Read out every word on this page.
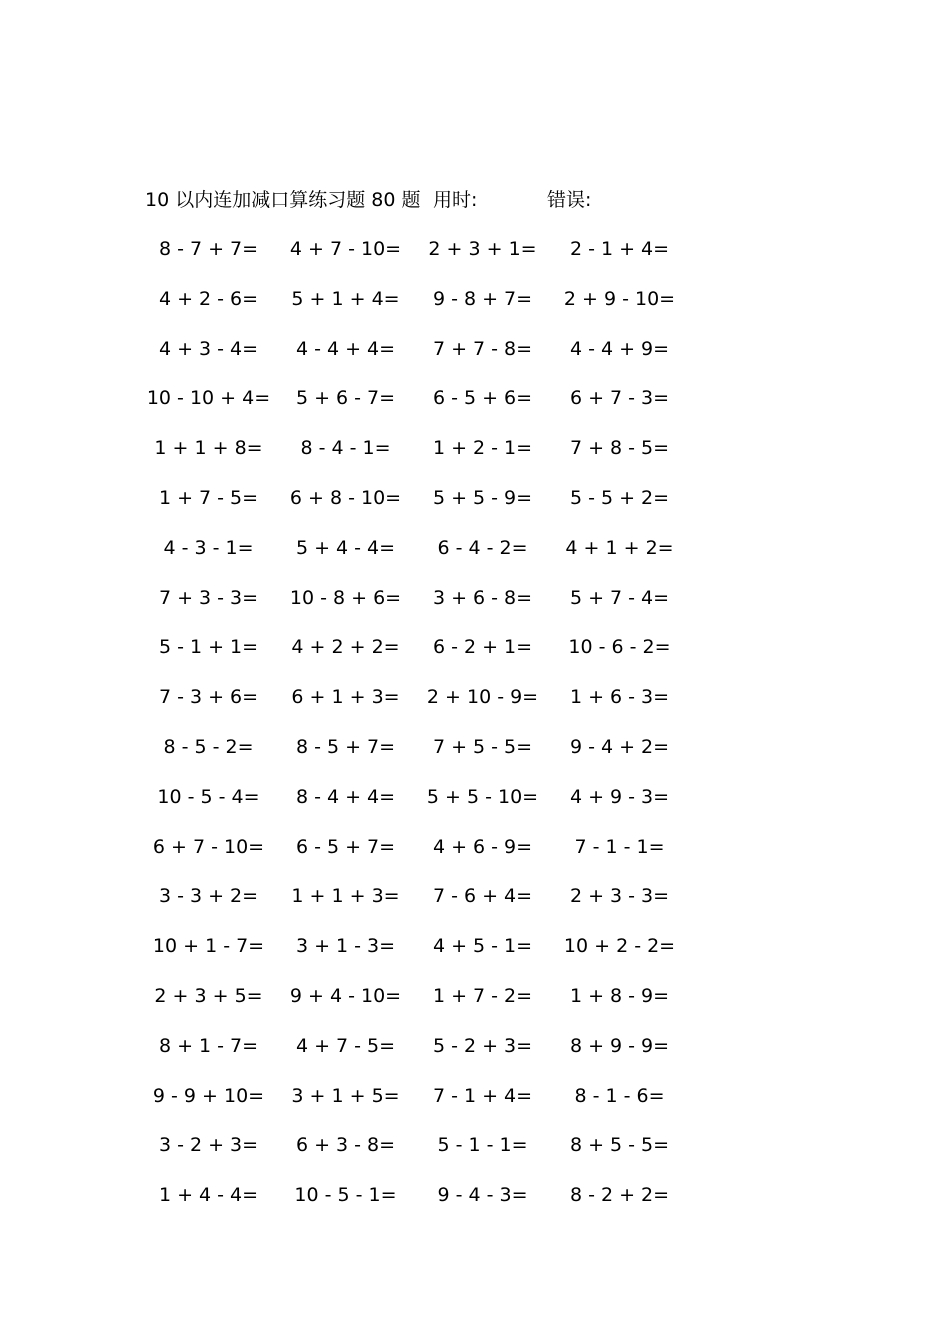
10 以内连加减口算练习题 80 题 用时:	错误:
8 - 7 + 7=	4 + 7 - 10=	2 + 3 + 1=	2 - 1 + 4=
4 + 2 - 6=	5 + 1 + 4=	9 - 8 + 7=	2 + 9 - 10=
4 + 3 - 4=	4 - 4 + 4=	7 + 7 - 8=	4 - 4 + 9=
10 - 10 + 4=	5 + 6 - 7=	6 - 5 + 6=	6 + 7 - 3=
1 + 1 + 8=	8 - 4 - 1=	1 + 2 - 1=	7 + 8 - 5=
1 + 7 - 5=	6 + 8 - 10=	5 + 5 - 9=	5 - 5 + 2=
4 - 3 - 1=	5 + 4 - 4=	6 - 4 - 2=	4 + 1 + 2=
7 + 3 - 3=	10 - 8 + 6=	3 + 6 - 8=	5 + 7 - 4=
5 - 1 + 1=	4 + 2 + 2=	6 - 2 + 1=	10 - 6 - 2=
7 - 3 + 6=	6 + 1 + 3=	2 + 10 - 9=	1 + 6 - 3=
8 - 5 - 2=	8 - 5 + 7=	7 + 5 - 5=	9 - 4 + 2=
10 - 5 - 4=	8 - 4 + 4=	5 + 5 - 10=	4 + 9 - 3=
6 + 7 - 10=	6 - 5 + 7=	4 + 6 - 9=	7 - 1 - 1=
3 - 3 + 2=	1 + 1 + 3=	7 - 6 + 4=	2 + 3 - 3=
10 + 1 - 7=	3 + 1 - 3=	4 + 5 - 1=	10 + 2 - 2=
2 + 3 + 5=	9 + 4 - 10=	1 + 7 - 2=	1 + 8 - 9=
8 + 1 - 7=	4 + 7 - 5=	5 - 2 + 3=	8 + 9 - 9=
9 - 9 + 10=	3 + 1 + 5=	7 - 1 + 4=	8 - 1 - 6=
3 - 2 + 3=	6 + 3 - 8=	5 - 1 - 1=	8 + 5 - 5=
1 + 4 - 4=	10 - 5 - 1=	9 - 4 - 3=	8 - 2 + 2=
